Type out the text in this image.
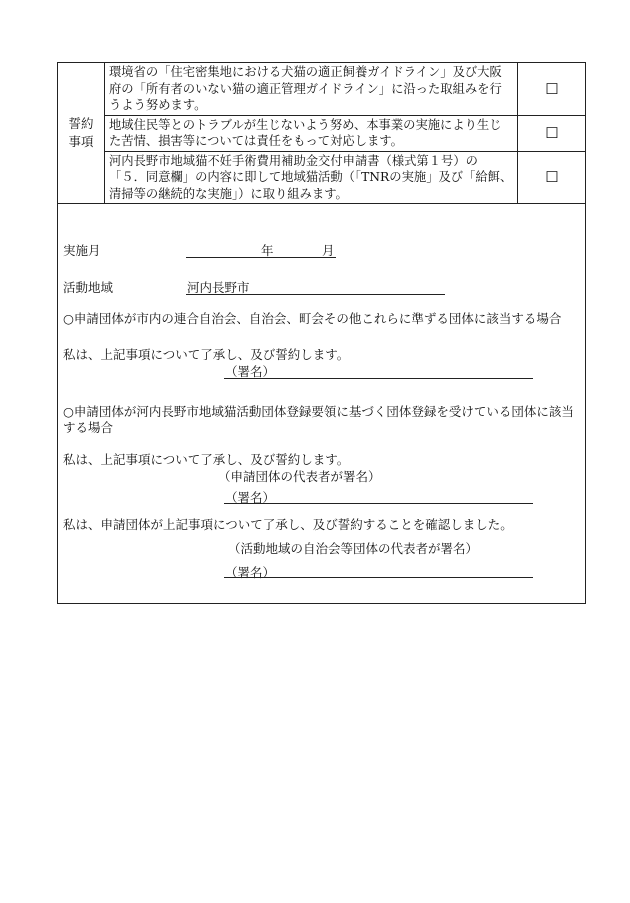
誓約事項	環境省の「住宅密集地における犬猫の適正飼養ガイドライン」及び大阪府の「所有者のいない猫の適正管理ガイドライン」に沿った取組みを行うよう努めます。	☐
	地域住民等とのトラブルが生じないよう努め、本事業の実施により生じた苦情、損害等については責任をもって対応します。	☐
	河内長野市地域猫不妊手術費用補助金交付申請書（様式第１号）の「５．同意欄」の内容に即して地域猫活動（「TNRの実施」及び「給餌、清掃等の継続的な実施」）に取り組みます。	☐
実施月	年	月
活動地域	河内長野市
○申請団体が市内の連合自治会、自治会、町会その他これらに準ずる団体に該当する場合
私は、上記事項について了承し、及び誓約します。
（署名）
○申請団体が河内長野市地域猫活動団体登録要領に基づく団体登録を受けている団体に該当
する場合
私は、上記事項について了承し、及び誓約します。
（申請団体の代表者が署名）
（署名）
私は、申請団体が上記事項について了承し、及び誓約することを確認しました。
（活動地域の自治会等団体の代表者が署名）
（署名）
